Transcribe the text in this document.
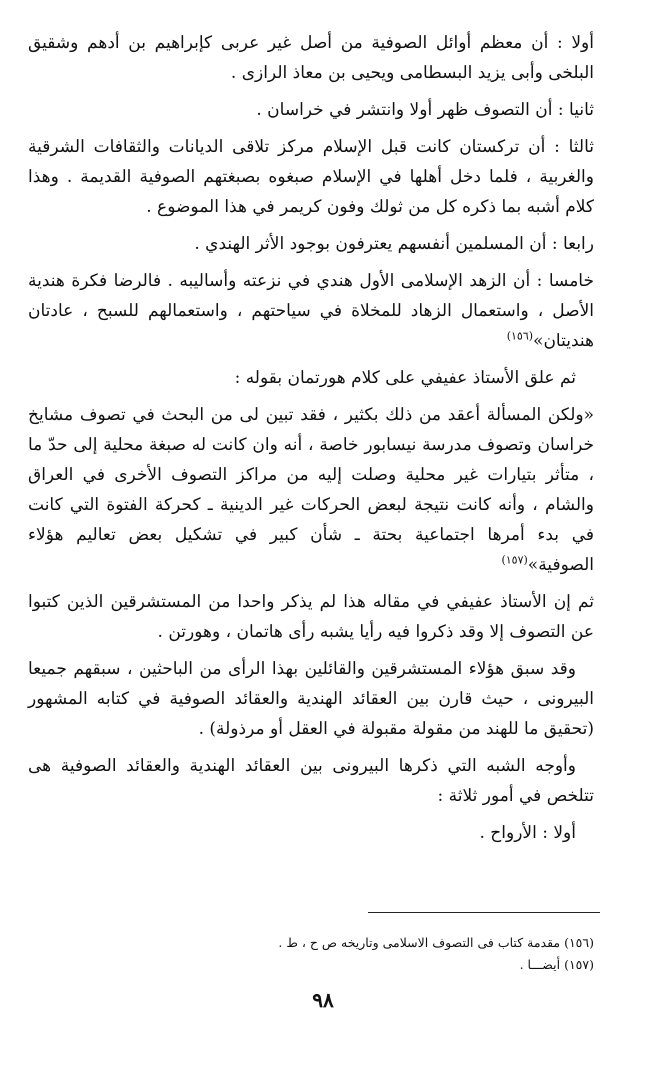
أولا : أن معظم أوائل الصوفية من أصل غير عربى كإبراهيم بن أدهم وشقيق البلخى وأبى يزيد البسطامى ويحيى بن معاذ الرازى .

ثانيا : أن التصوف ظهر أولا وانتشر في خراسان .

ثالثا : أن تركستان كانت قبل الإسلام مركز تلاقى الديانات والثقافات الشرقية والغربية ، فلما دخل أهلها في الإسلام صبغوه بصبغتهم الصوفية القديمة . وهذا كلام أشبه بما ذكره كل من ثولك وفون كريمر في هذا الموضوع .

رابعا : أن المسلمين أنفسهم يعترفون بوجود الأثر الهندي .

خامسا : أن الزهد الإسلامى الأول هندي في نزعته وأساليبه . فالرضا فكرة هندية الأصل ، واستعمال الزهاد للمخلاة في سياحتهم ، واستعمالهم للسبح ، عادتان هنديتان»$^{(١٥٦)}$

ثم علق الأستاذ عفيفي على كلام هورتمان بقوله :

«ولكن المسألة أعقد من ذلك بكثير ، فقد تبين لى من البحث في تصوف مشايخ خراسان وتصوف مدرسة نيسابور خاصة ، أنه وان كانت له صبغة محلية إلى حدّ ما ، متأثر بتيارات غير محلية وصلت إليه من مراكز التصوف الأخرى في العراق والشام ، وأنه كانت نتيجة لبعض الحركات غير الدينية ـ كحركة الفتوة التي كانت في بدء أمرها اجتماعية بحتة ـ شأن كبير في تشكيل بعض تعاليم هؤلاء الصوفية»$^{(١٥٧)}$

ثم إن الأستاذ عفيفي في مقاله هذا لم يذكر واحدا من المستشرقين الذين كتبوا عن التصوف إلا وقد ذكروا فيه رأيا يشبه رأى هاتمان ، وهورتن .

وقد سبق هؤلاء المستشرقين والقائلين بهذا الرأى من الباحثين ، سبقهم جميعا البيرونى ، حيث قارن بين العقائد الهندية والعقائد الصوفية في كتابه المشهور (تحقيق ما للهند من مقولة مقبولة في العقل أو مرذولة) .

وأوجه الشبه التي ذكرها البيرونى بين العقائد الهندية والعقائد الصوفية هى تتلخص في أمور ثلاثة :

أولا : الأرواح .

(١٥٦) مقدمة كتاب فى التصوف الاسلامى وتاريخه ص ح ، ط .

(١٥٧) أيضـــا .

٩٨
